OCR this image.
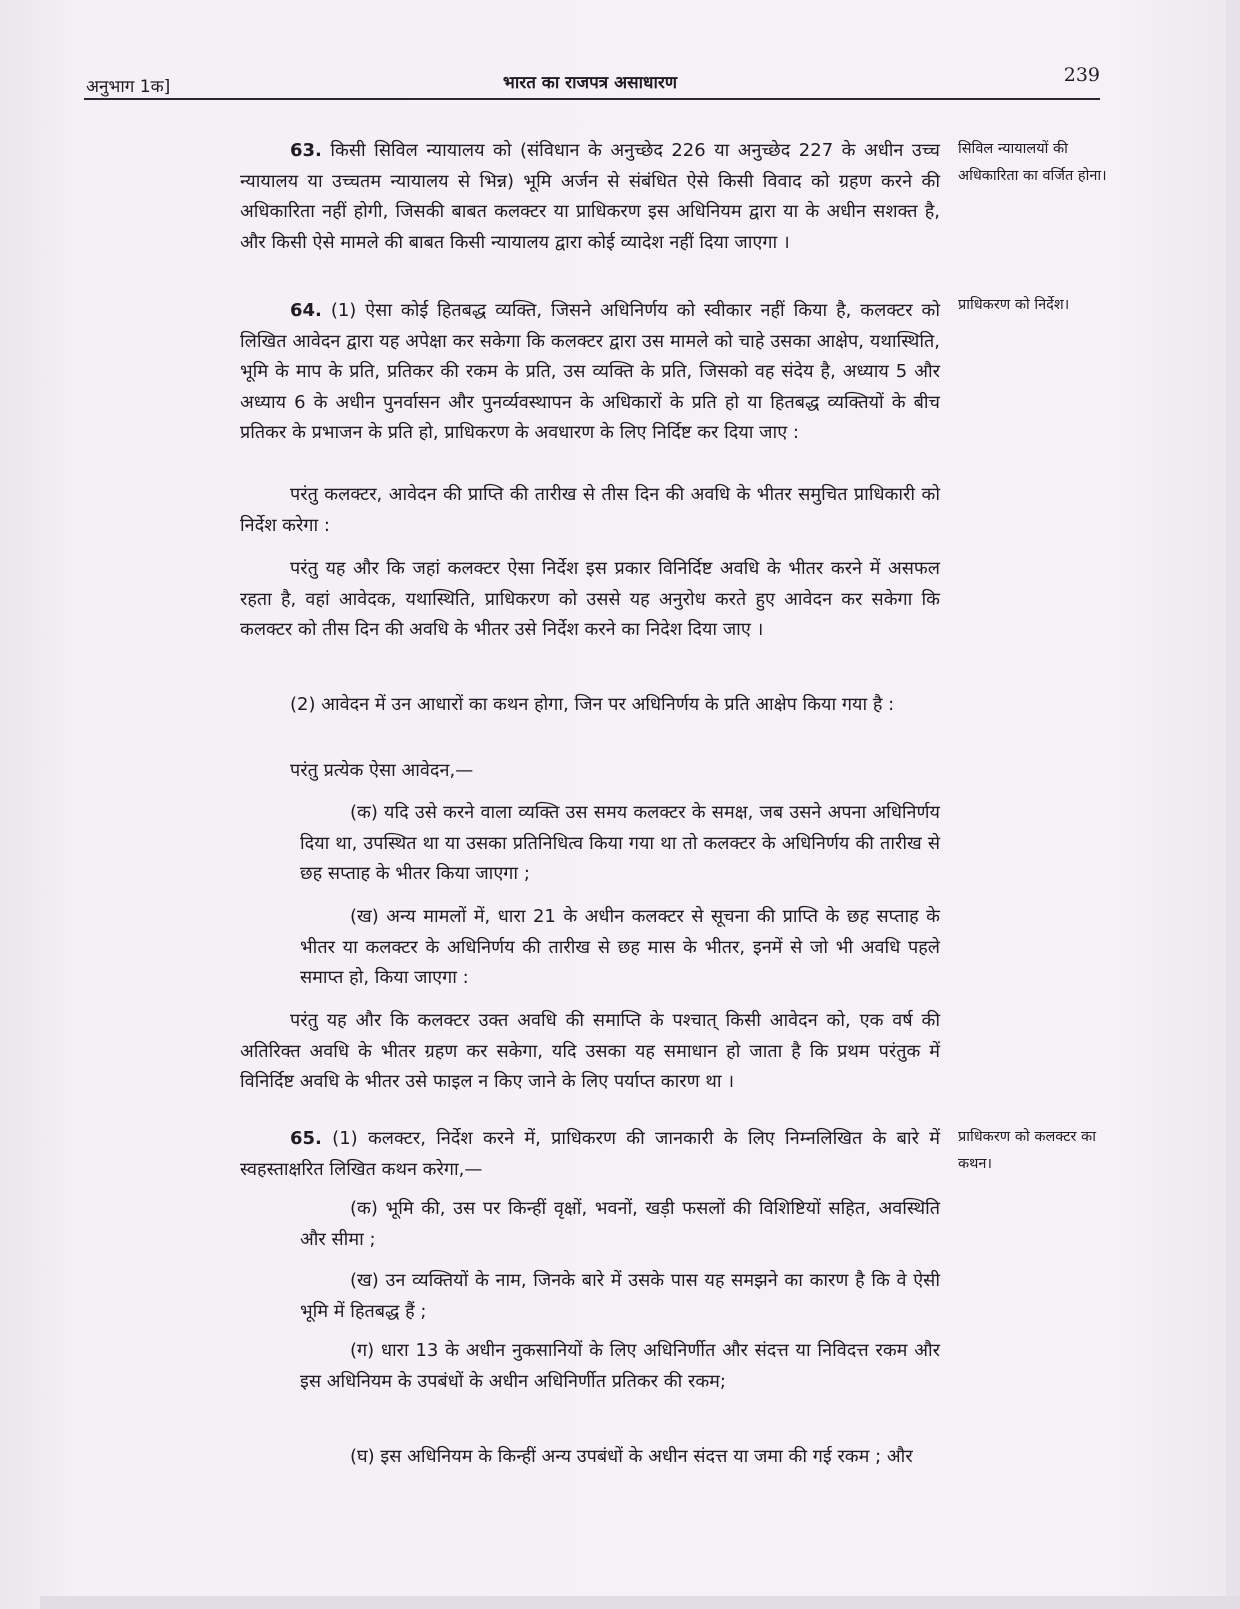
अनुभाग 1क]	भारत का राजपत्र असाधारण	239

63. किसी सिविल न्यायालय को (संविधान के अनुच्छेद 226 या अनुच्छेद 227 के अधीन उच्च न्यायालय या उच्चतम न्यायालय से भिन्न) भूमि अर्जन से संबंधित ऐसे किसी विवाद को ग्रहण करने की अधिकारिता नहीं होगी, जिसकी बाबत कलक्टर या प्राधिकरण इस अधिनियम द्वारा या के अधीन सशक्त है, और किसी ऐसे मामले की बाबत किसी न्यायालय द्वारा कोई व्यादेश नहीं दिया जाएगा ।

सिविल न्यायालयों की अधिकारिता का वर्जित होना।

64. (1) ऐसा कोई हितबद्ध व्यक्ति, जिसने अधिनिर्णय को स्वीकार नहीं किया है, कलक्टर को लिखित आवेदन द्वारा यह अपेक्षा कर सकेगा कि कलक्टर द्वारा उस मामले को चाहे उसका आक्षेप, यथास्थिति, भूमि के माप के प्रति, प्रतिकर की रकम के प्रति, उस व्यक्ति के प्रति, जिसको वह संदेय है, अध्याय 5 और अध्याय 6 के अधीन पुनर्वासन और पुनर्व्यवस्थापन के अधिकारों के प्रति हो या हितबद्ध व्यक्तियों के बीच प्रतिकर के प्रभाजन के प्रति हो, प्राधिकरण के अवधारण के लिए निर्दिष्ट कर दिया जाए :

प्राधिकरण को निर्देश।

परंतु कलक्टर, आवेदन की प्राप्ति की तारीख से तीस दिन की अवधि के भीतर समुचित प्राधिकारी को निर्देश करेगा :

परंतु यह और कि जहां कलक्टर ऐसा निर्देश इस प्रकार विनिर्दिष्ट अवधि के भीतर करने में असफल रहता है, वहां आवेदक, यथास्थिति, प्राधिकरण को उससे यह अनुरोध करते हुए आवेदन कर सकेगा कि कलक्टर को तीस दिन की अवधि के भीतर उसे निर्देश करने का निदेश दिया जाए ।

(2) आवेदन में उन आधारों का कथन होगा, जिन पर अधिनिर्णय के प्रति आक्षेप किया गया है :

परंतु प्रत्येक ऐसा आवेदन,—

(क) यदि उसे करने वाला व्यक्ति उस समय कलक्टर के समक्ष, जब उसने अपना अधिनिर्णय दिया था, उपस्थित था या उसका प्रतिनिधित्व किया गया था तो कलक्टर के अधिनिर्णय की तारीख से छह सप्ताह के भीतर किया जाएगा ;

(ख) अन्य मामलों में, धारा 21 के अधीन कलक्टर से सूचना की प्राप्ति के छह सप्ताह के भीतर या कलक्टर के अधिनिर्णय की तारीख से छह मास के भीतर, इनमें से जो भी अवधि पहले समाप्त हो, किया जाएगा :

परंतु यह और कि कलक्टर उक्त अवधि की समाप्ति के पश्चात् किसी आवेदन को, एक वर्ष की अतिरिक्त अवधि के भीतर ग्रहण कर सकेगा, यदि उसका यह समाधान हो जाता है कि प्रथम परंतुक में विनिर्दिष्ट अवधि के भीतर उसे फाइल न किए जाने के लिए पर्याप्त कारण था ।

65. (1) कलक्टर, निर्देश करने में, प्राधिकरण की जानकारी के लिए निम्नलिखित के बारे में स्वहस्ताक्षरित लिखित कथन करेगा,—

प्राधिकरण को कलक्टर का कथन।

(क) भूमि की, उस पर किन्हीं वृक्षों, भवनों, खड़ी फसलों की विशिष्टियों सहित, अवस्थिति और सीमा ;

(ख) उन व्यक्तियों के नाम, जिनके बारे में उसके पास यह समझने का कारण है कि वे ऐसी भूमि में हितबद्ध हैं ;

(ग) धारा 13 के अधीन नुकसानियों के लिए अधिनिर्णीत और संदत्त या निविदत्त रकम और इस अधिनियम के उपबंधों के अधीन अधिनिर्णीत प्रतिकर की रकम;

(घ) इस अधिनियम के किन्हीं अन्य उपबंधों के अधीन संदत्त या जमा की गई रकम ; और
